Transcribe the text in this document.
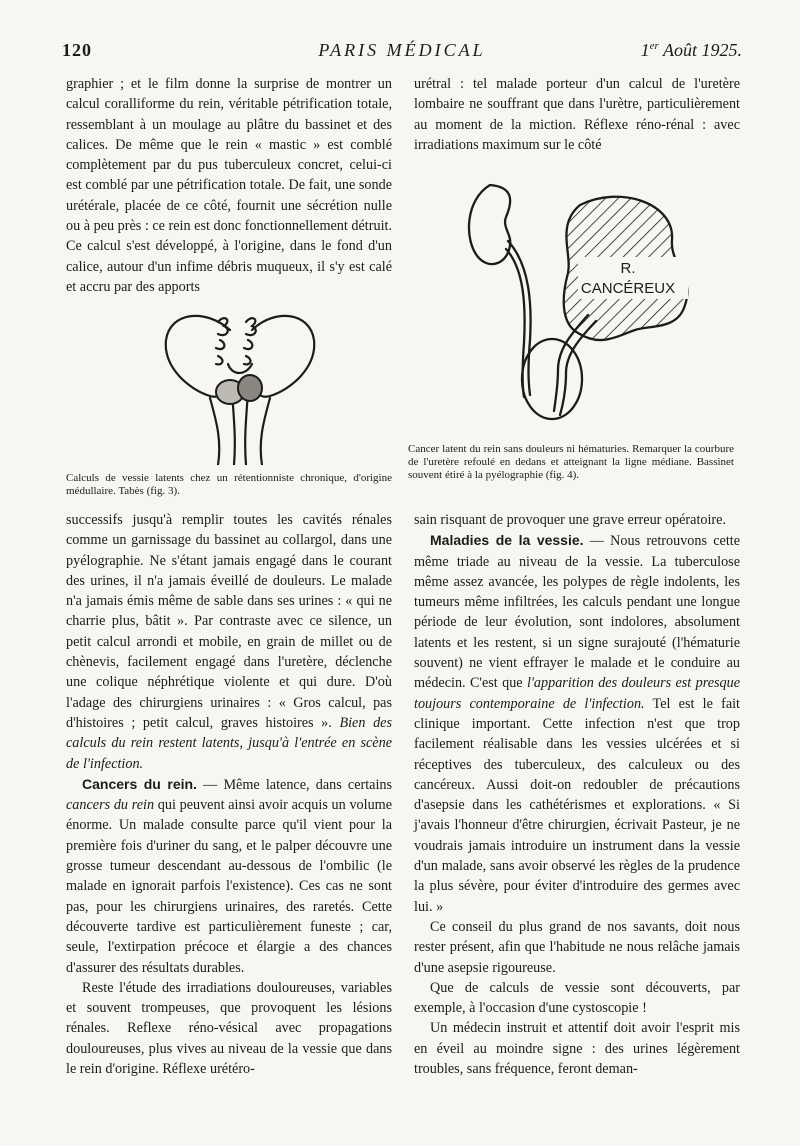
120	PARIS MÉDICAL	1er Août 1925.

graphier ; et le film donne la surprise de montrer un calcul coralliforme du rein, véritable pétrification totale, ressemblant à un moulage au plâtre du bassinet et des calices. De même que le rein « mastic » est comblé complètement par du pus tuberculeux concret, celui-ci est comblé par une pétrification totale. De fait, une sonde urétérale, placée de ce côté, fournit une sécrétion nulle ou à peu près : ce rein est donc fonctionnellement détruit. Ce calcul s'est développé, à l'origine, dans le fond d'un calice, autour d'un infime débris muqueux, il s'y est calé et accru par des apports

Calculs de vessie latents chez un rétentionniste chronique, d'origine médullaire. Tabès (fig. 3).

successifs jusqu'à remplir toutes les cavités rénales comme un garnissage du bassinet au collargol, dans une pyélographie. Ne s'étant jamais engagé dans le courant des urines, il n'a jamais éveillé de douleurs. Le malade n'a jamais émis même de sable dans ses urines : « qui ne charrie plus, bâtit ». Par contraste avec ce silence, un petit calcul arrondi et mobile, en grain de millet ou de chènevis, facilement engagé dans l'uretère, déclenche une colique néphrétique violente et qui dure. D'où l'adage des chirurgiens urinaires : « Gros calcul, pas d'histoires ; petit calcul, graves histoires ». Bien des calculs du rein restent latents, jusqu'à l'entrée en scène de l'infection.

Cancers du rein. — Même latence, dans certains cancers du rein qui peuvent ainsi avoir acquis un volume énorme. Un malade consulte parce qu'il vient pour la première fois d'uriner du sang, et le palper découvre une grosse tumeur descendant au-dessous de l'ombilic (le malade en ignorait parfois l'existence). Ces cas ne sont pas, pour les chirurgiens urinaires, des raretés. Cette découverte tardive est particulièrement funeste ; car, seule, l'extirpation précoce et élargie a des chances d'assurer des résultats durables.

Reste l'étude des irradiations douloureuses, variables et souvent trompeuses, que provoquent les lésions rénales. Reflexe réno-vésical avec propagations douloureuses, plus vives au niveau de la vessie que dans le rein d'origine. Réflexe urétéro-

urétral : tel malade porteur d'un calcul de l'uretère lombaire ne souffrant que dans l'urètre, particulièrement au moment de la miction. Réflexe réno-rénal : avec irradiations maximum sur le côté

R.
CANCÉREUX
Cancer latent du rein sans douleurs ni hématuries. Remarquer la courbure de l'uretère refoulé en dedans et atteignant la ligne médiane. Bassinet souvent étiré à la pyélographie (fig. 4).

sain risquant de provoquer une grave erreur opératoire.

Maladies de la vessie. — Nous retrouvons cette même triade au niveau de la vessie. La tuberculose même assez avancée, les polypes de règle indolents, les tumeurs même infiltrées, les calculs pendant une longue période de leur évolution, sont indolores, absolument latents et les restent, si un signe surajouté (l'hématurie souvent) ne vient effrayer le malade et le conduire au médecin. C'est que l'apparition des douleurs est presque toujours contemporaine de l'infection. Tel est le fait clinique important. Cette infection n'est que trop facilement réalisable dans les vessies ulcérées et si réceptives des tuberculeux, des calculeux ou des cancéreux. Aussi doit-on redoubler de précautions d'asepsie dans les cathétérismes et explorations. « Si j'avais l'honneur d'être chirurgien, écrivait Pasteur, je ne voudrais jamais introduire un instrument dans la vessie d'un malade, sans avoir observé les règles de la prudence la plus sévère, pour éviter d'introduire des germes avec lui. »

Ce conseil du plus grand de nos savants, doit nous rester présent, afin que l'habitude ne nous relâche jamais d'une asepsie rigoureuse.

Que de calculs de vessie sont découverts, par exemple, à l'occasion d'une cystoscopie !

Un médecin instruit et attentif doit avoir l'esprit mis en éveil au moindre signe : des urines légèrement troubles, sans fréquence, feront deman-
